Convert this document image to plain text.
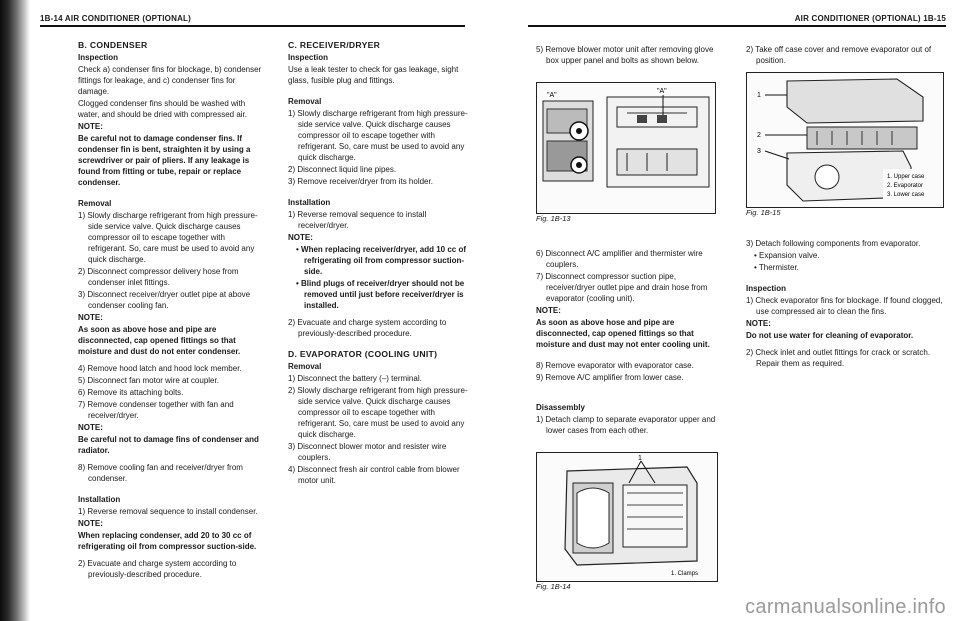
1B-14 AIR CONDITIONER (OPTIONAL)

B. CONDENSER

Inspection

Check a) condenser fins for blockage, b) condenser fittings for leakage, and c) condenser fins for damage.

Clogged condenser fins should be washed with water, and should be dried with compressed air.

NOTE:

Be careful not to damage condenser fins. If condenser fin is bent, straighten it by using a screwdriver or pair of pliers. If any leakage is found from fitting or tube, repair or replace condenser.

Removal

1) Slowly discharge refrigerant from high pressure-side service valve. Quick discharge causes compressor oil to escape together with refrigerant. So, care must be used to avoid any quick discharge.

2) Disconnect compressor delivery hose from condenser inlet fittings.

3) Disconnect receiver/dryer outlet pipe at above condenser cooling fan.

NOTE:

As soon as above hose and pipe are disconnected, cap opened fittings so that moisture and dust do not enter condenser.

4) Remove hood latch and hood lock member.

5) Disconnect fan motor wire at coupler.

6) Remove its attaching bolts.

7) Remove condenser together with fan and receiver/dryer.

NOTE:

Be careful not to damage fins of condenser and radiator.

8) Remove cooling fan and receiver/dryer from condenser.

Installation

1) Reverse removal sequence to install condenser.

NOTE:

When replacing condenser, add 20 to 30 cc of refrigerating oil from compressor suction-side.

2) Evacuate and charge system according to previously-described procedure.

C. RECEIVER/DRYER

Inspection

Use a leak tester to check for gas leakage, sight glass, fusible plug and fittings.

Removal

1) Slowly discharge refrigerant from high pressure-side service valve. Quick discharge causes compressor oil to escape together with refrigerant. So, care must be used to avoid any quick discharge.

2) Disconnect liquid line pipes.

3) Remove receiver/dryer from its holder.

Installation

1) Reverse removal sequence to install receiver/dryer.

NOTE:

• When replacing receiver/dryer, add 10 cc of refrigerating oil from compressor suction-side.

• Blind plugs of receiver/dryer should not be removed until just before receiver/dryer is installed.

2) Evacuate and charge system according to previously-described procedure.

D. EVAPORATOR (COOLING UNIT)

Removal

1) Disconnect the battery (–) terminal.

2) Slowly discharge refrigerant from high pressure-side service valve. Quick discharge causes compressor oil to escape together with refrigerant. So, care must be used to avoid any quick discharge.

3) Disconnect blower motor and resister wire couplers.

4) Disconnect fresh air control cable from blower motor unit.

AIR CONDITIONER (OPTIONAL) 1B-15

5) Remove blower motor unit after removing glove box upper panel and bolts as shown below.

"A"
"A"
Fig. 1B-13

6) Disconnect A/C amplifier and thermister wire couplers.

7) Disconnect compressor suction pipe, receiver/dryer outlet pipe and drain hose from evaporator (cooling unit).

NOTE:

As soon as above hose and pipe are disconnected, cap opened fittings so that moisture and dust may not enter cooling unit.

8) Remove evaporator with evaporator case.

9) Remove A/C amplifier from lower case.

Disassembly

1) Detach clamp to separate evaporator upper and lower cases from each other.

1
1. Clamps
Fig. 1B-14

2) Take off case cover and remove evaporator out of position.

1
2
3
1. Upper case
2. Evaporator
3. Lower case
Fig. 1B-15

3) Detach following components from evaporator.

• Expansion valve.

• Thermister.

Inspection

1) Check evaporator fins for blockage. If found clogged, use compressed air to clean the fins.

NOTE:

Do not use water for cleaning of evaporator.

2) Check inlet and outlet fittings for crack or scratch. Repair them as required.

carmanualsonline.info
